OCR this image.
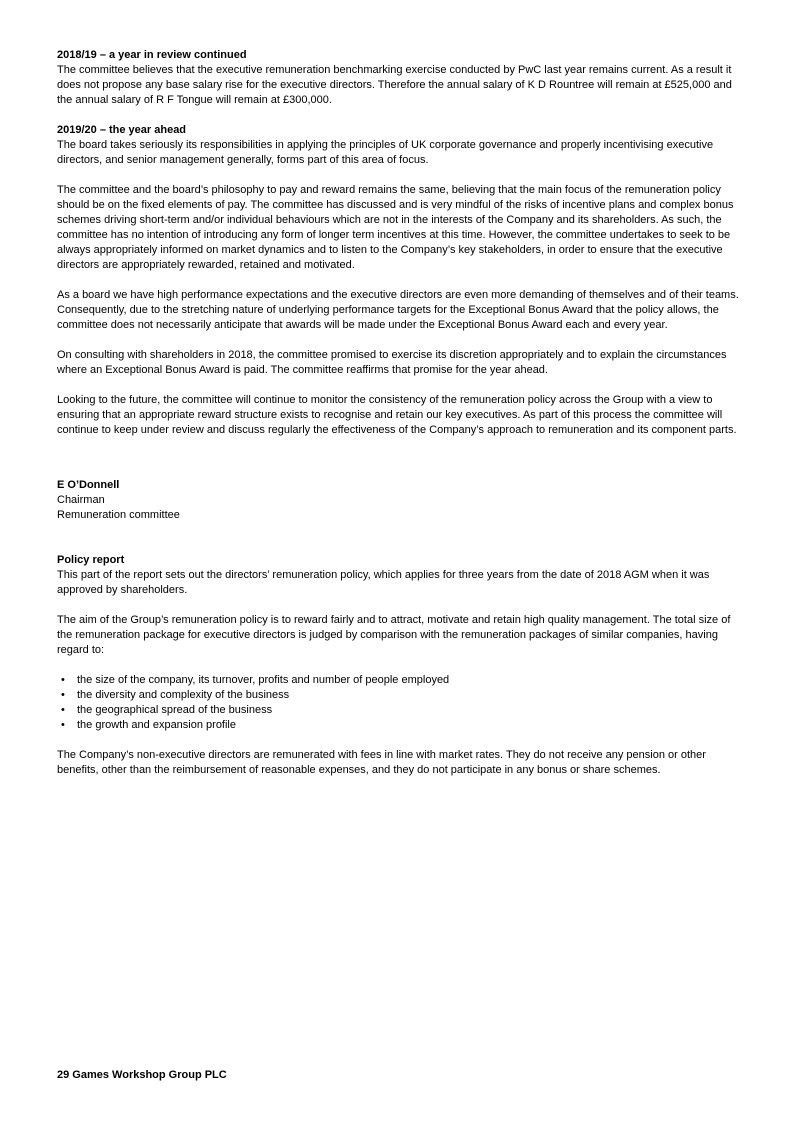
2018/19 – a year in review continued

The committee believes that the executive remuneration benchmarking exercise conducted by PwC last year remains current. As a result it does not propose any base salary rise for the executive directors. Therefore the annual salary of K D Rountree will remain at £525,000 and the annual salary of R F Tongue will remain at £300,000.

2019/20 – the year ahead

The board takes seriously its responsibilities in applying the principles of UK corporate governance and properly incentivising executive directors, and senior management generally, forms part of this area of focus.

The committee and the board’s philosophy to pay and reward remains the same, believing that the main focus of the remuneration policy should be on the fixed elements of pay. The committee has discussed and is very mindful of the risks of incentive plans and complex bonus schemes driving short-term and/or individual behaviours which are not in the interests of the Company and its shareholders. As such, the committee has no intention of introducing any form of longer term incentives at this time. However, the committee undertakes to seek to be always appropriately informed on market dynamics and to listen to the Company’s key stakeholders, in order to ensure that the executive directors are appropriately rewarded, retained and motivated.

As a board we have high performance expectations and the executive directors are even more demanding of themselves and of their teams. Consequently, due to the stretching nature of underlying performance targets for the Exceptional Bonus Award that the policy allows, the committee does not necessarily anticipate that awards will be made under the Exceptional Bonus Award each and every year.

On consulting with shareholders in 2018, the committee promised to exercise its discretion appropriately and to explain the circumstances where an Exceptional Bonus Award is paid. The committee reaffirms that promise for the year ahead.

Looking to the future, the committee will continue to monitor the consistency of the remuneration policy across the Group with a view to ensuring that an appropriate reward structure exists to recognise and retain our key executives. As part of this process the committee will continue to keep under review and discuss regularly the effectiveness of the Company’s approach to remuneration and its component parts.

E O’Donnell
Chairman
Remuneration committee
Policy report

This part of the report sets out the directors’ remuneration policy, which applies for three years from the date of 2018 AGM when it was approved by shareholders.

The aim of the Group’s remuneration policy is to reward fairly and to attract, motivate and retain high quality management. The total size of the remuneration package for executive directors is judged by comparison with the remuneration packages of similar companies, having regard to:

• the size of the company, its turnover, profits and number of people employed
• the diversity and complexity of the business
• the geographical spread of the business
• the growth and expansion profile

The Company’s non-executive directors are remunerated with fees in line with market rates. They do not receive any pension or other benefits, other than the reimbursement of reasonable expenses, and they do not participate in any bonus or share schemes.

29 Games Workshop Group PLC
